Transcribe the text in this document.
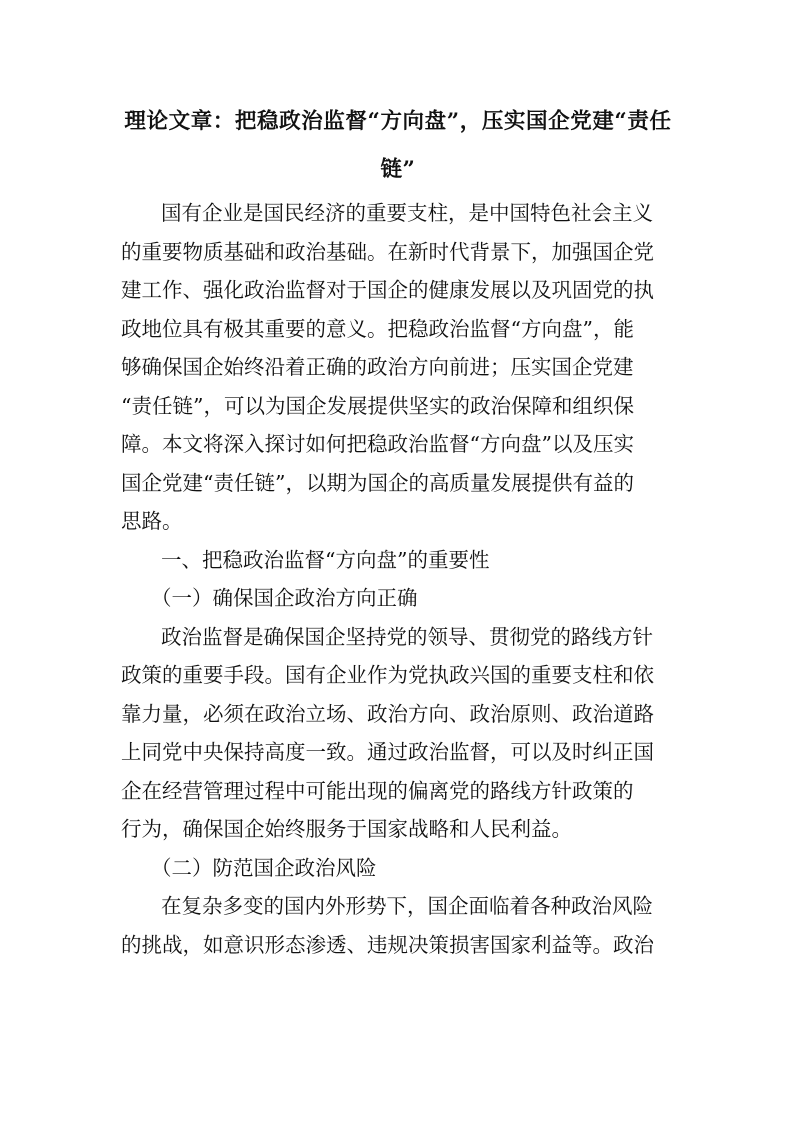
理论文章：把稳政治监督“方向盘”，压实国企党建“责任
链”

国有企业是国民经济的重要支柱，是中国特色社会主义
的重要物质基础和政治基础。在新时代背景下，加强国企党
建工作、强化政治监督对于国企的健康发展以及巩固党的执
政地位具有极其重要的意义。把稳政治监督“方向盘”，能
够确保国企始终沿着正确的政治方向前进；压实国企党建
“责任链”，可以为国企发展提供坚实的政治保障和组织保
障。本文将深入探讨如何把稳政治监督“方向盘”以及压实
国企党建“责任链”，以期为国企的高质量发展提供有益的
思路。

一、把稳政治监督“方向盘”的重要性

（一）确保国企政治方向正确

政治监督是确保国企坚持党的领导、贯彻党的路线方针
政策的重要手段。国有企业作为党执政兴国的重要支柱和依
靠力量，必须在政治立场、政治方向、政治原则、政治道路
上同党中央保持高度一致。通过政治监督，可以及时纠正国
企在经营管理过程中可能出现的偏离党的路线方针政策的
行为，确保国企始终服务于国家战略和人民利益。

（二）防范国企政治风险

在复杂多变的国内外形势下，国企面临着各种政治风险
的挑战，如意识形态渗透、违规决策损害国家利益等。政治
